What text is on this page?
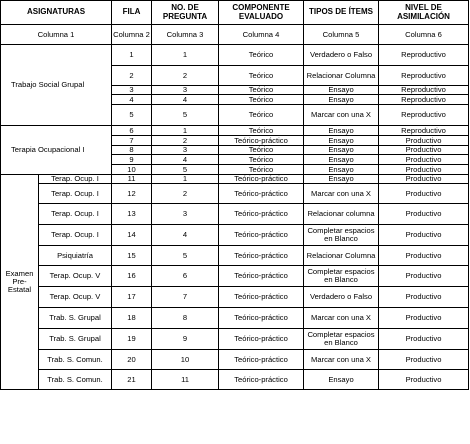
ASIGNATURAS		FILA	NO. DE PREGUNTA	COMPONENTE EVALUADO	TIPOS DE ÍTEMS	NIVEL DE ASIMILACIÓN
Columna 1		Columna 2	Columna 3	Columna 4	Columna 5	Columna 6
Trabajo Social Grupal		1	1	Teórico	Verdadero o Falso	Reproductivo
		2	2	Teórico	Relacionar Columna	Reproductivo
		3	3	Teórico	Ensayo	Reproductivo
		4	4	Teórico	Ensayo	Reproductivo
		5	5	Teórico	Marcar con una X	Reproductivo
Terapia Ocupacional I		6	1	Teórico	Ensayo	Reproductivo
		7	2	Teórico-práctico	Ensayo	Productivo
		8	3	Teórico	Ensayo	Productivo
		9	4	Teórico	Ensayo	Productivo
		10	5	Teórico	Ensayo	Productivo
Examen Pre-Estatal	Terap. Ocup. I	11	1	Teórico-práctico	Ensayo	Productivo
	Terap. Ocup. I	12	2	Teórico-práctico	Marcar con una X	Productivo
	Terap. Ocup. I	13	3	Teórico-práctico	Relacionar columna	Productivo
	Terap. Ocup. I	14	4	Teórico-práctico	Completar espacios en Blanco	Productivo
	Psiquiatría	15	5	Teórico-práctico	Relacionar Columna	Productivo
	Terap. Ocup. V	16	6	Teórico-práctico	Completar espacios en Blanco	Productivo
	Terap. Ocup. V	17	7	Teórico-práctico	Verdadero o Falso	Productivo
	Trab. S. Grupal	18	8	Teórico-práctico	Marcar con una X	Productivo
	Trab. S. Grupal	19	9	Teórico-práctico	Completar espacios en Blanco	Productivo
	Trab. S. Comun.	20	10	Teórico-práctico	Marcar con una X	Productivo
	Trab. S. Comun.	21	11	Teórico-práctico	Ensayo	Productivo
